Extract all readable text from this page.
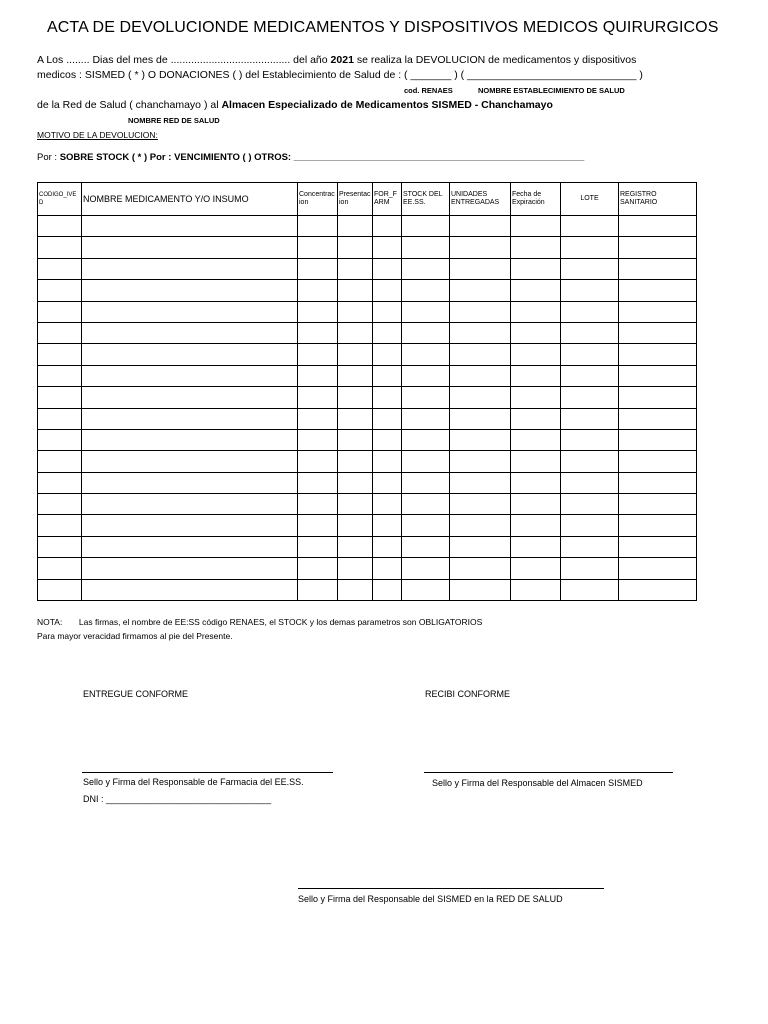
ACTA DE DEVOLUCIONDE MEDICAMENTOS Y DISPOSITIVOS MEDICOS QUIRURGICOS
A Los ........ Dias del mes de ......................................... del año 2021 se realiza la DEVOLUCION de medicamentos y dispositivos
medicos : SISMED ( * ) O DONACIONES ( ) del Establecimiento de Salud de : ( _______ ) ( _____________________________ )
cod. RENAES	NOMBRE ESTABLECIMIENTO DE SALUD
de la Red de Salud ( chanchamayo ) al Almacen Especializado de Medicamentos SISMED - Chanchamayo
NOMBRE RED DE SALUD
MOTIVO DE LA DEVOLUCION:
Por : SOBRE STOCK ( * ) Por : VENCIMIENTO ( ) OTROS: _______________________________________________________
CODIGO_IVED	NOMBRE MEDICAMENTO Y/O INSUMO	Concentracion	Presentacion	FOR_FARM	STOCK DEL EE.SS.	UNIDADES ENTREGADAS	Fecha de Expiración	LOTE	REGISTRO SANITARIO

NOTA: Las firmas, el nombre de EE:SS código RENAES, el STOCK y los demas parametros son OBLIGATORIOS
Para mayor veracidad firmamos al pie del Presente.
ENTREGUE CONFORME	RECIBI CONFORME
Sello y Firma del Responsable de Farmacia del EE.SS.
DNI : _________________________________
Sello y Firma del Responsable del Almacen SISMED
Sello y Firma del Responsable del SISMED en la RED DE SALUD
